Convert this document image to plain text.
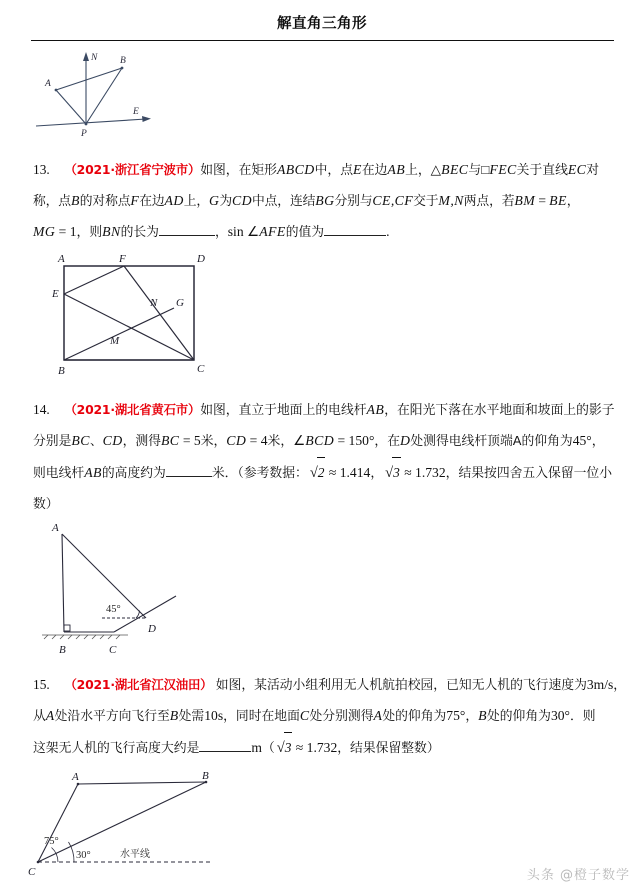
解直角三角形
N
E
A
B
P
13. （2021·浙江省宁波市）如图，在矩形ABCD中，点E在边AB上，△BEC与□FEC关于直线EC对
称，点B的对称点F在边AD上，G为CD中点，连结BG分别与CE,CF交于M,N两点，若BM = BE，
MG = 1，则BN的长为	，sin ∠AFE的值为	.
A	F	D
E
G
N
M
B	C
14. （2021·湖北省黄石市）如图，直立于地面上的电线杆AB，在阳光下落在水平地面和坡面上的影子
分别是BC、CD，测得BC = 5米，CD = 4米，∠BCD = 150°，在D处测得电线杆顶端A的仰角为45°，
则电线杆AB的高度约为	米．（参考数据： √2 ≈ 1.414， √3 ≈ 1.732，结果按四舍五入保留一位小
数）
A
B	C
D
45°
15. （2021·湖北省江汉油田） 如图，某活动小组利用无人机航拍校园，已知无人机的飞行速度为3m/s，
从A处沿水平方向飞行至B处需10s，同时在地面C处分别测得A处的仰角为75°，B处的仰角为30°．则
这架无人机的飞行高度大约是	m（ √3 ≈ 1.732，结果保留整数）
A	B
C
75°
30°	水平线
头条 @橙子数学
